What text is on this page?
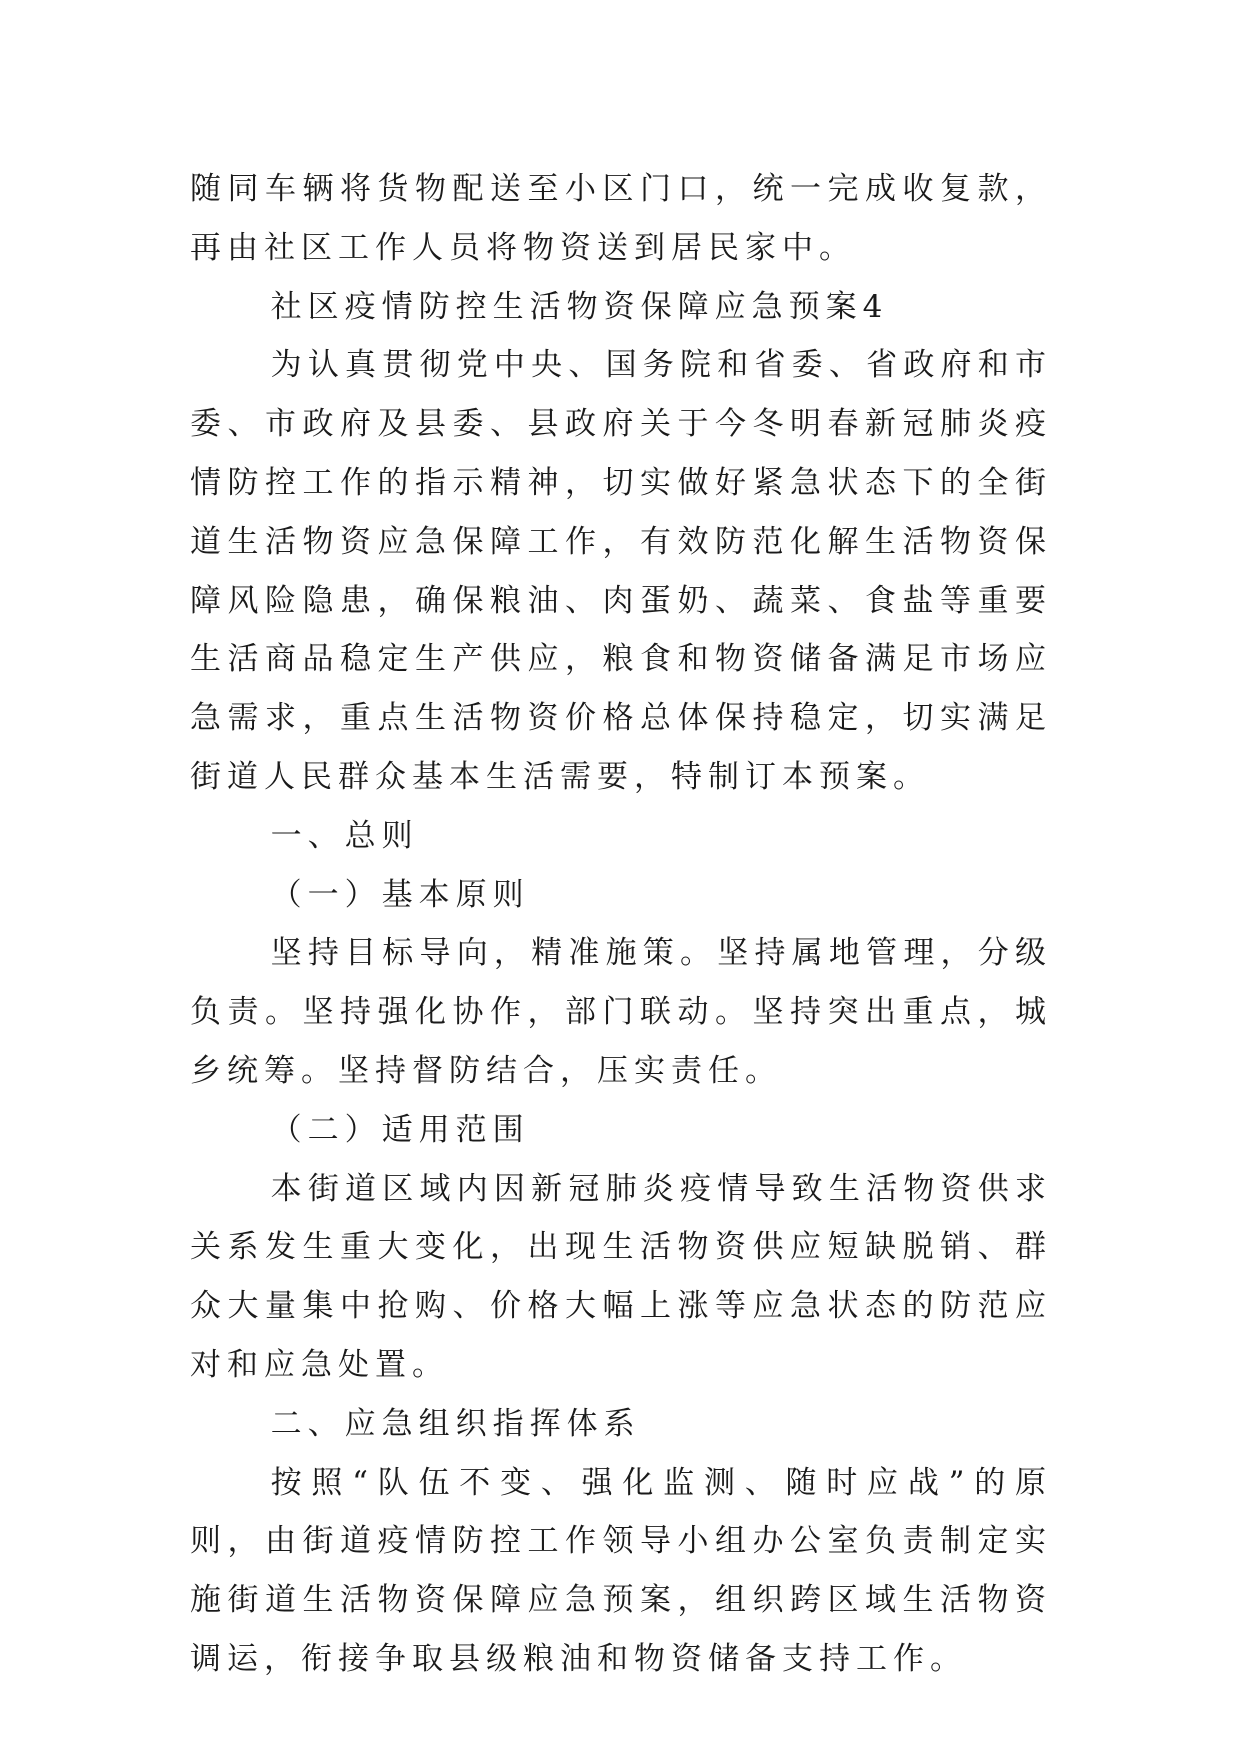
随同车辆将货物配送至小区门口，统一完成收复款，再由社区工作人员将物资送到居民家中。

社区疫情防控生活物资保障应急预案4

为认真贯彻党中央、国务院和省委、省政府和市委、市政府及县委、县政府关于今冬明春新冠肺炎疫情防控工作的指示精神，切实做好紧急状态下的全街道生活物资应急保障工作，有效防范化解生活物资保障风险隐患，确保粮油、肉蛋奶、蔬菜、食盐等重要生活商品稳定生产供应，粮食和物资储备满足市场应急需求，重点生活物资价格总体保持稳定，切实满足街道人民群众基本生活需要，特制订本预案。

一、总则

（一）基本原则

坚持目标导向，精准施策。坚持属地管理，分级负责。坚持强化协作，部门联动。坚持突出重点，城乡统筹。坚持督防结合，压实责任。

（二）适用范围

本街道区域内因新冠肺炎疫情导致生活物资供求关系发生重大变化，出现生活物资供应短缺脱销、群众大量集中抢购、价格大幅上涨等应急状态的防范应对和应急处置。

二、应急组织指挥体系

按照“队伍不变、强化监测、随时应战”的原则，由街道疫情防控工作领导小组办公室负责制定实施街道生活物资保障应急预案，组织跨区域生活物资调运，衔接争取县级粮油和物资储备支持工作。
